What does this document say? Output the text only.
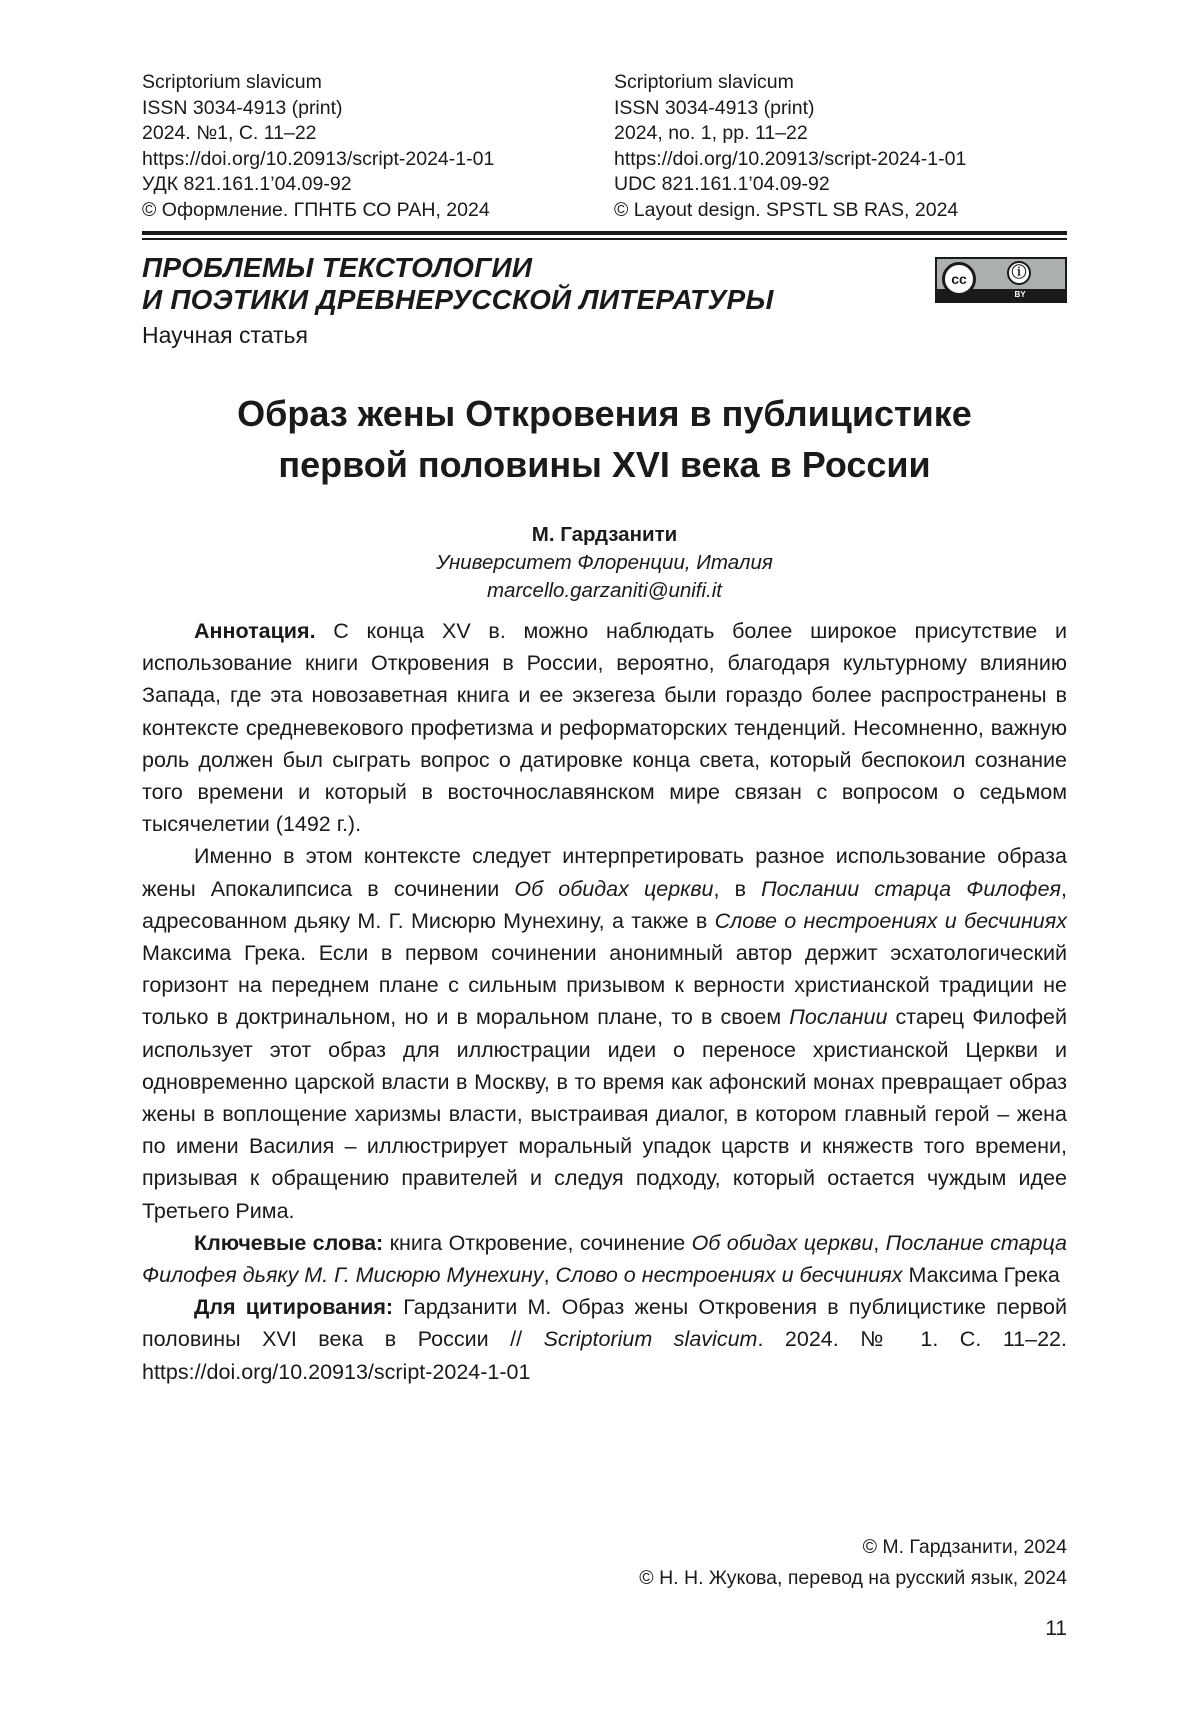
Scriptorium slavicum
ISSN 3034-4913 (print)
2024. №1, С. 11–22
https://doi.org/10.20913/script-2024-1-01
УДК 821.161.1’04.09-92
© Оформление. ГПНТБ СО РАН, 2024
Scriptorium slavicum
ISSN 3034-4913 (print)
2024, no. 1, pp. 11–22
https://doi.org/10.20913/script-2024-1-01
UDC 821.161.1’04.09-92
© Layout design. SPSTL SB RAS, 2024
ПРОБЛЕМЫ ТЕКСТОЛОГИИ
И ПОЭТИКИ ДРЕВНЕРУССКОЙ ЛИТЕРАТУРЫ
Научная статья
cc	ⓘ
BY
Образ жены Откровения в публицистике
первой половины XVI века в России
М. Гардзанити
Университет Флоренции, Италия
marcello.garzaniti@unifi.it

Аннотация. С конца XV в. можно наблюдать более широкое присутствие и использование книги Откровения в России, вероятно, благодаря культурному влиянию Запада, где эта новозаветная книга и ее экзегеза были гораздо более распространены в контексте средневекового профетизма и реформаторских тенденций. Несомненно, важную роль должен был сыграть вопрос о датировке конца света, который беспокоил сознание того времени и который в восточнославянском мире связан с вопросом о седьмом тысячелетии (1492 г.).

Именно в этом контексте следует интерпретировать разное использование образа жены Апокалипсиса в сочинении Об обидах церкви, в Послании старца Филофея, адресованном дьяку М. Г. Мисюрю Мунехину, а также в Слове о нестроениях и бесчиниях Максима Грека. Если в первом сочинении анонимный автор держит эсхатологический горизонт на переднем плане с сильным призывом к верности христианской традиции не только в доктринальном, но и в моральном плане, то в своем Послании старец Филофей использует этот образ для иллюстрации идеи о переносе христианской Церкви и одновременно царской власти в Москву, в то время как афонский монах превращает образ жены в воплощение харизмы власти, выстраивая диалог, в котором главный герой – жена по имени Василия – иллюстрирует моральный упадок царств и княжеств того времени, призывая к обращению правителей и следуя подходу, который остается чуждым идее Третьего Рима.

Ключевые слова: книга Откровение, сочинение Об обидах церкви, Послание старца Филофея дьяку М. Г. Мисюрю Мунехину, Слово о нестроениях и бесчиниях Максима Грека

Для цитирования: Гардзанити М. Образ жены Откровения в публицистике первой половины XVI века в России // Scriptorium slavicum. 2024. № 1. С. 11–22. https://doi.org/10.20913/script-2024-1-01

© М. Гардзанити, 2024
© Н. Н. Жукова, перевод на русский язык, 2024
11
